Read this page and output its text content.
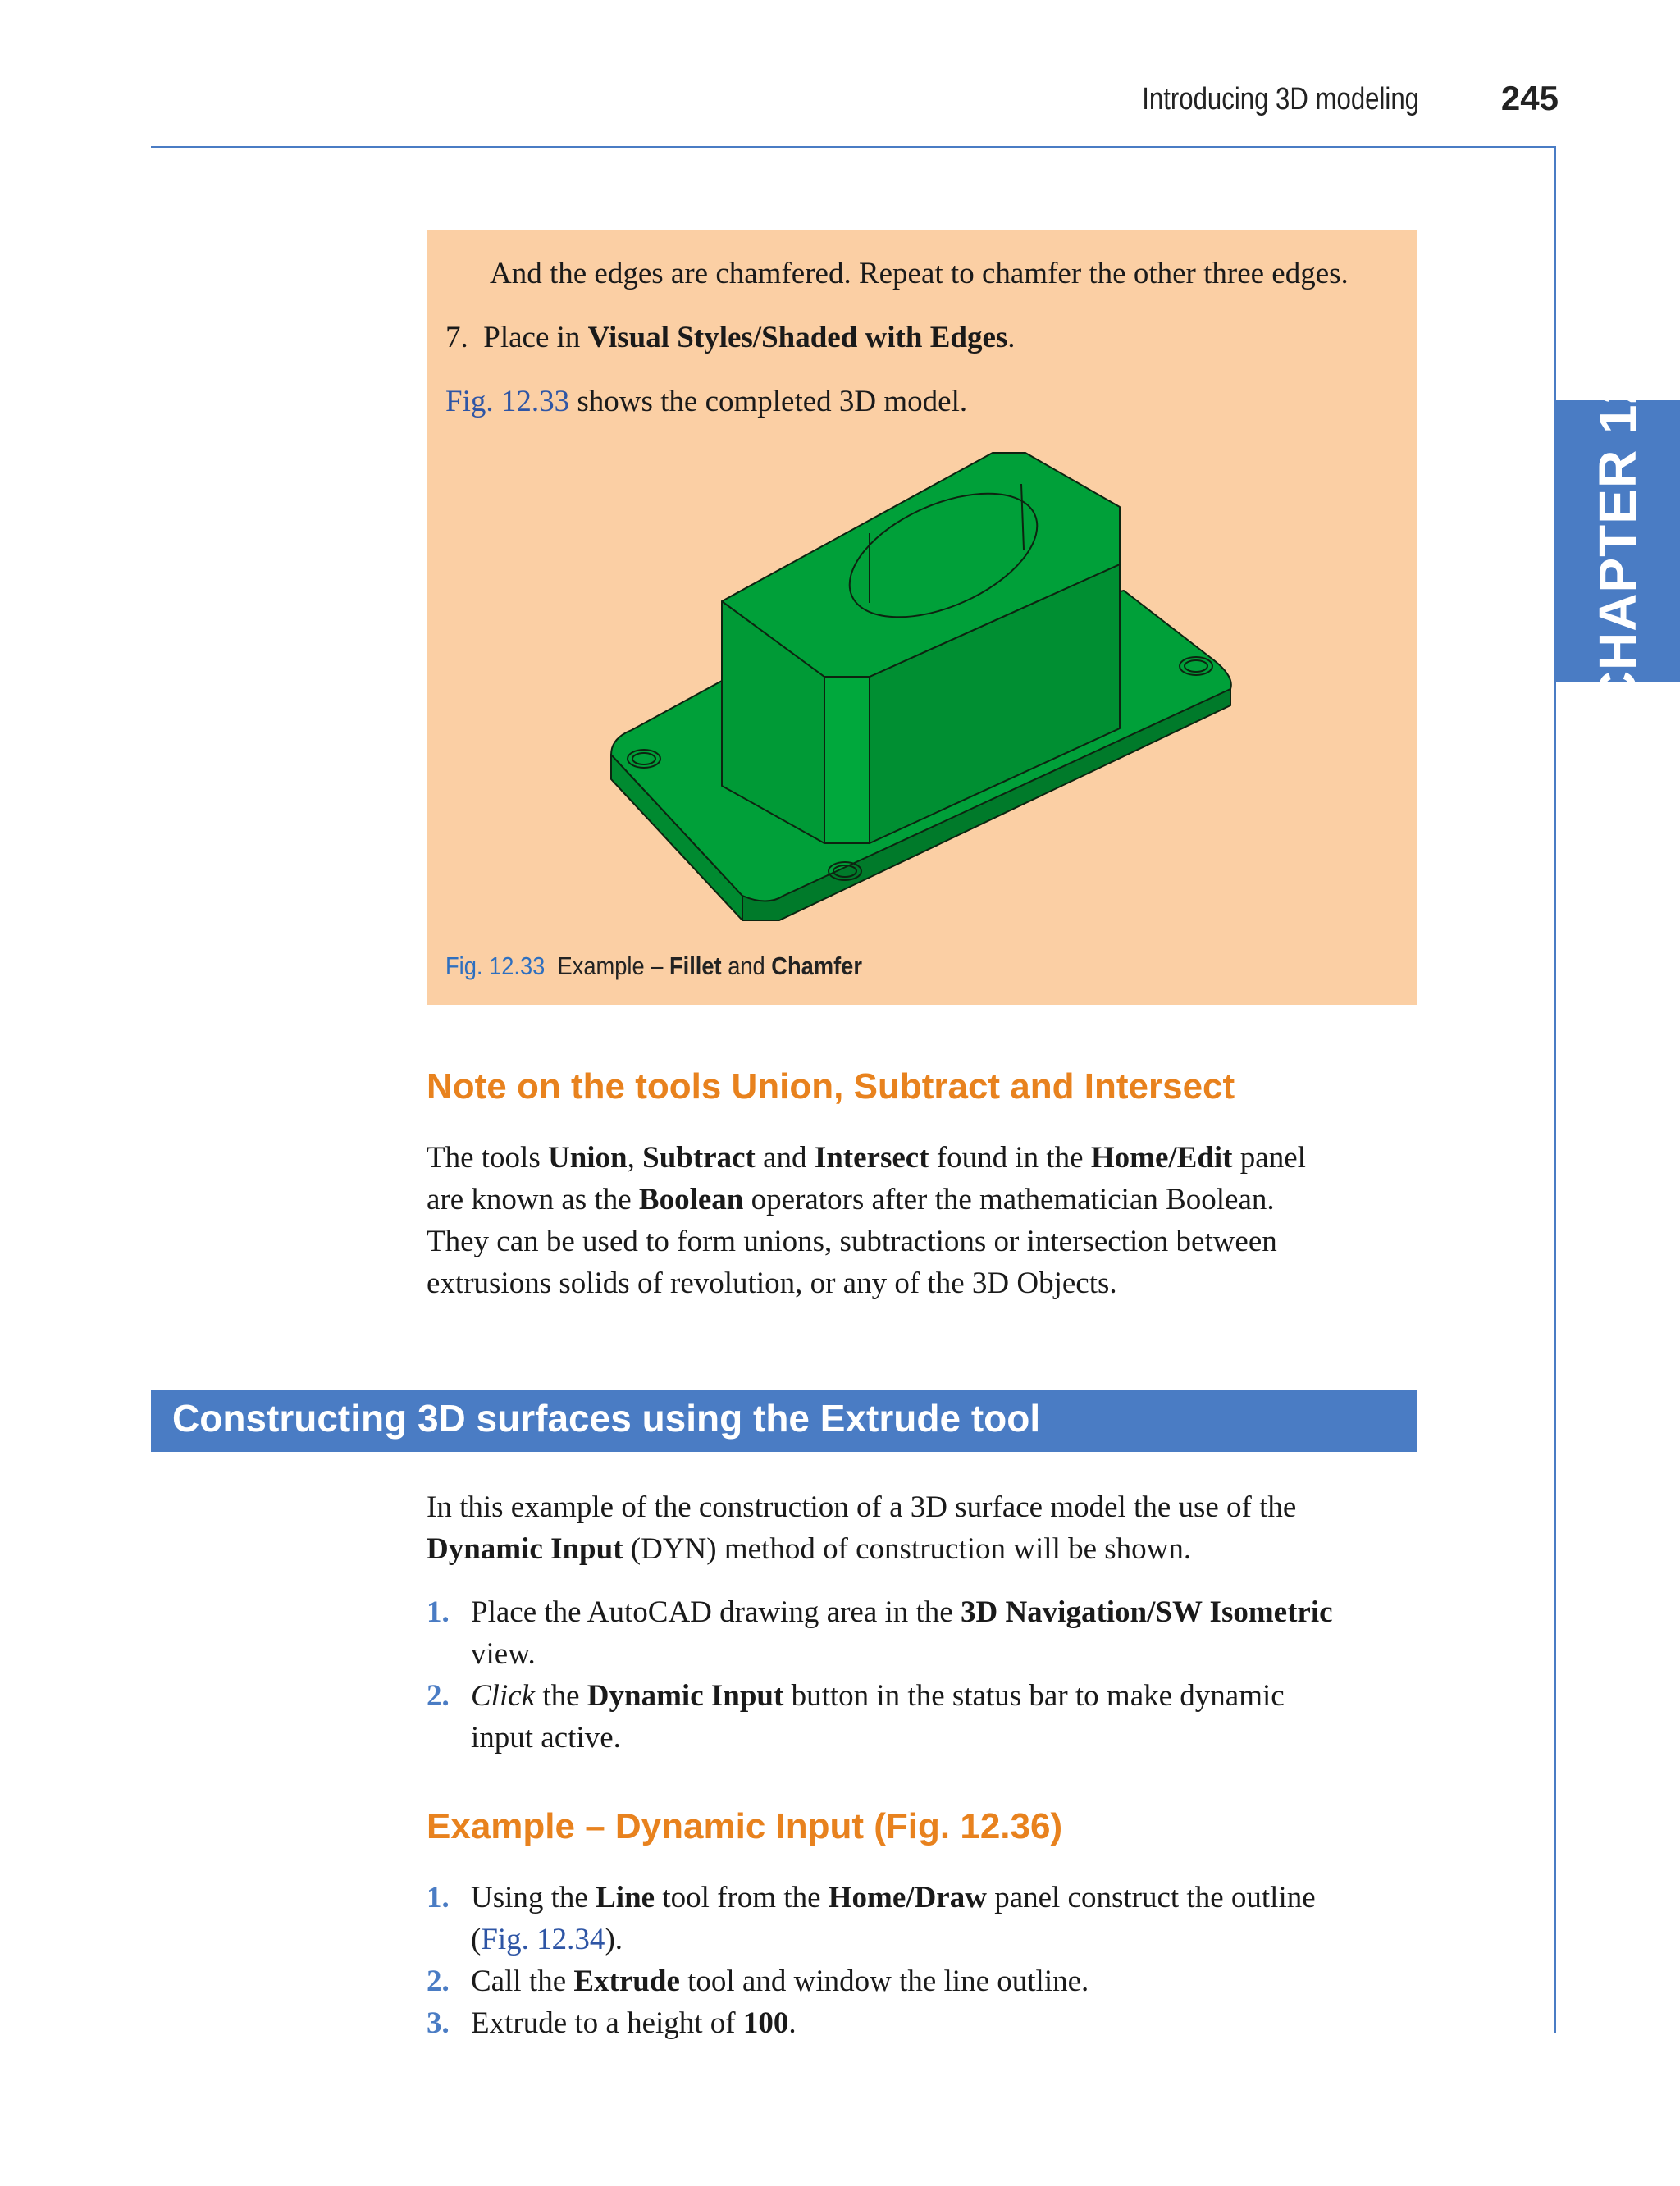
Introducing 3D modeling	245
CHAPTER 12

And the edges are chamfered. Repeat to chamfer the other three edges.

7. Place in Visual Styles/Shaded with Edges.

Fig. 12.33 shows the completed 3D model.

Fig. 12.33 Example – Fillet and Chamfer
Note on the tools Union, Subtract and Intersect

The tools Union, Subtract and Intersect found in the Home/Edit panel

are known as the Boolean operators after the mathematician Boolean.

They can be used to form unions, subtractions or intersection between

extrusions solids of revolution, or any of the 3D Objects.

Constructing 3D surfaces using the Extrude tool

In this example of the construction of a 3D surface model the use of the

Dynamic Input (DYN) method of construction will be shown.

1. Place the AutoCAD drawing area in the 3D Navigation/SW Isometric

view.

2. Click the Dynamic Input button in the status bar to make dynamic

input active.

Example – Dynamic Input (Fig. 12.36)
1. Using the Line tool from the Home/Draw panel construct the outline

(Fig. 12.34).

2. Call the Extrude tool and window the line outline.

3. Extrude to a height of 100.
